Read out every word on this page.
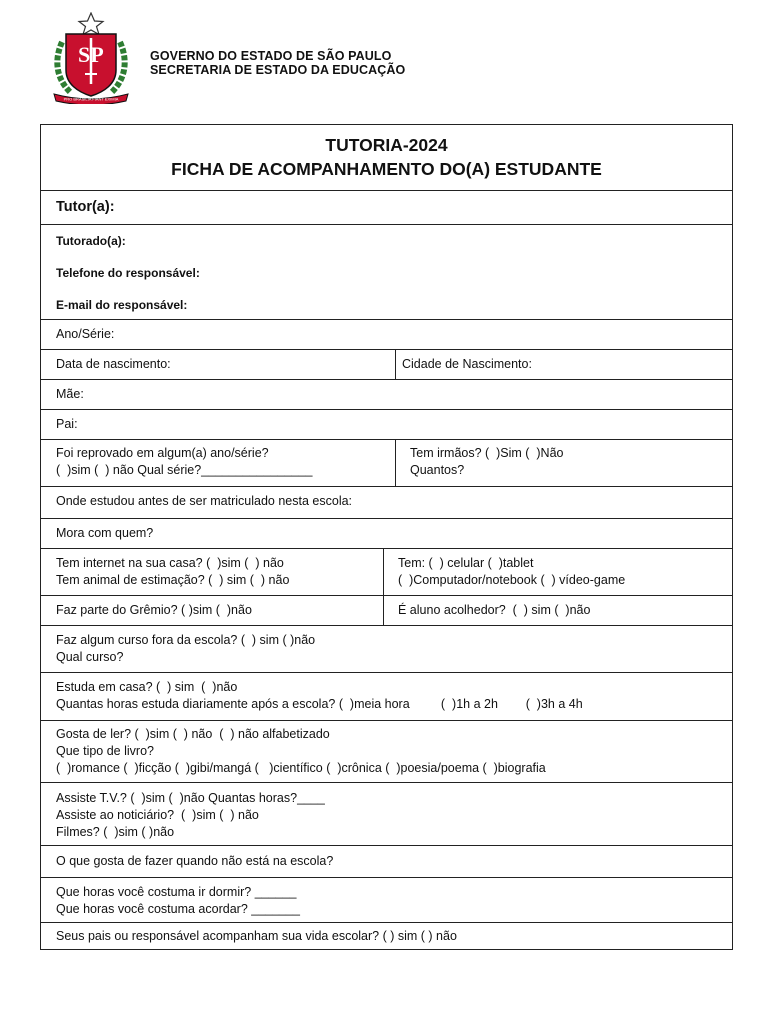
SP
PRO BRASILIA FIANT EXIMIA
GOVERNO DO ESTADO DE SÃO PAULO
SECRETARIA DE ESTADO DA EDUCAÇÃO
TUTORIA-2024
FICHA DE ACOMPANHAMENTO DO(A) ESTUDANTE
Tutor(a):
Tutorado(a):
Telefone do responsável:
E-mail do responsável:
Ano/Série:
Data de nascimento:	Cidade de Nascimento:
Mãe:
Pai:
Foi reprovado em algum(a) ano/série?
(  )sim (  ) não Qual série?________________
Tem irmãos? (  )Sim (  )Não
Quantos?
Onde estudou antes de ser matriculado nesta escola:
Mora com quem?
Tem internet na sua casa? (  )sim (  ) não
Tem animal de estimação? (  ) sim (  ) não
Tem: (  ) celular (  )tablet
(  )Computador/notebook (  ) vídeo-game
Faz parte do Grêmio? ( )sim (  )não	É aluno acolhedor?  (  ) sim (  )não
Faz algum curso fora da escola? (  ) sim ( )não
Qual curso?
Estuda em casa? (  ) sim  (  )não
Quantas horas estuda diariamente após a escola? (  )meia hora         (  )1h a 2h        (  )3h a 4h
Gosta de ler? (  )sim (  ) não  (  ) não alfabetizado
Que tipo de livro?
(  )romance (  )ficção (  )gibi/mangá (   )científico (  )crônica (  )poesia/poema (  )biografia
Assiste T.V.? (  )sim (  )não Quantas horas?____
Assiste ao noticiário?  (  )sim (  ) não
Filmes? (  )sim ( )não
O que gosta de fazer quando não está na escola?
Que horas você costuma ir dormir? ______
Que horas você costuma acordar? _______
Seus pais ou responsável acompanham sua vida escolar? ( ) sim ( ) não
